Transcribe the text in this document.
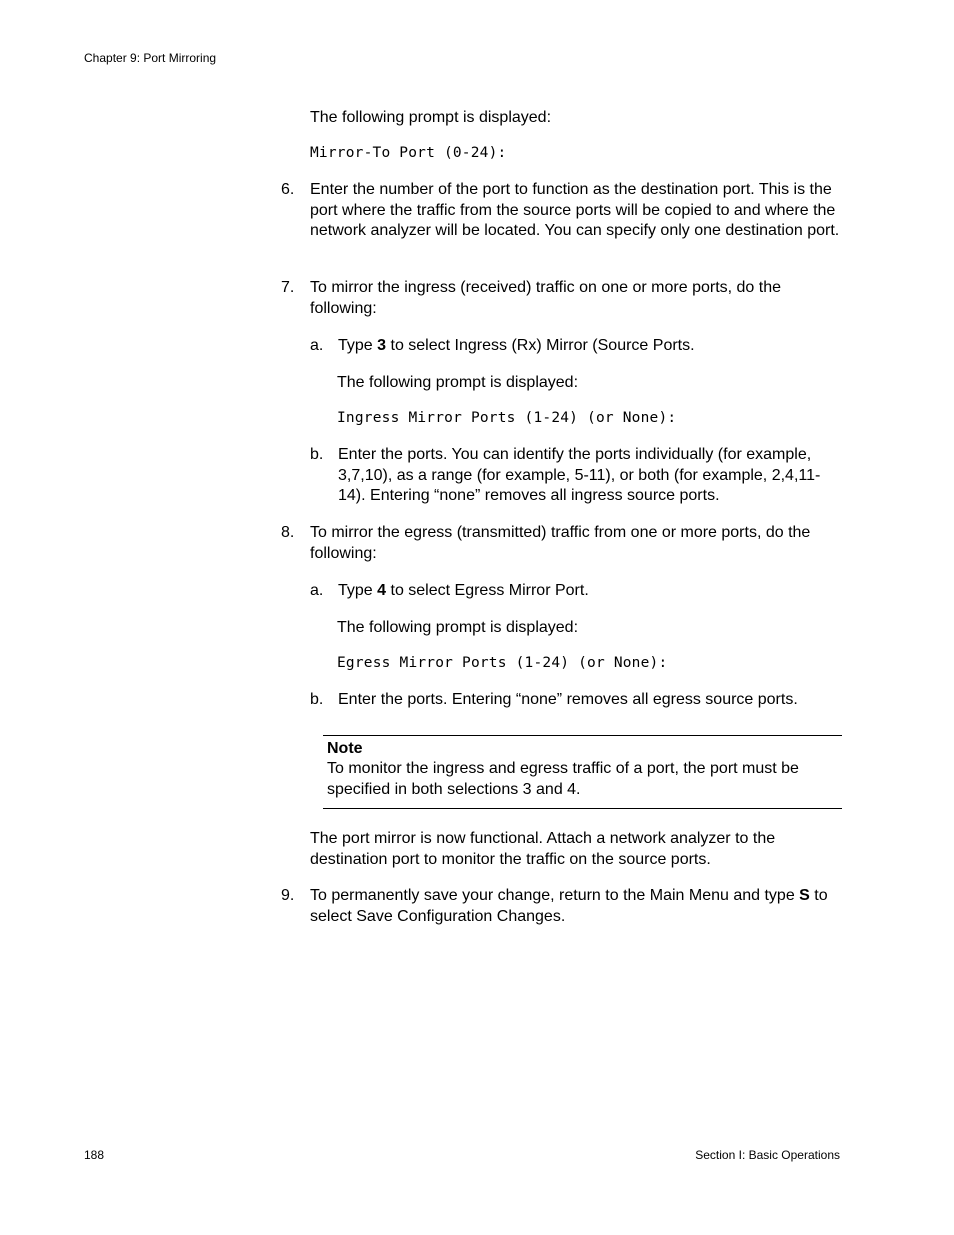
Chapter 9: Port Mirroring
The following prompt is displayed:
Mirror-To Port (0-24):
6. Enter the number of the port to function as the destination port. This is the port where the traffic from the source ports will be copied to and where the network analyzer will be located. You can specify only one destination port.
7. To mirror the ingress (received) traffic on one or more ports, do the following:
a. Type 3 to select Ingress (Rx) Mirror (Source Ports.
The following prompt is displayed:
Ingress Mirror Ports (1-24) (or None):
b. Enter the ports. You can identify the ports individually (for example, 3,7,10), as a range (for example, 5-11), or both (for example, 2,4,11-14). Entering “none” removes all ingress source ports.
8. To mirror the egress (transmitted) traffic from one or more ports, do the following:
a. Type 4 to select Egress Mirror Port.
The following prompt is displayed:
Egress Mirror Ports (1-24) (or None):
b. Enter the ports. Entering “none” removes all egress source ports.
Note
To monitor the ingress and egress traffic of a port, the port must be specified in both selections 3 and 4.
The port mirror is now functional. Attach a network analyzer to the destination port to monitor the traffic on the source ports.
9. To permanently save your change, return to the Main Menu and type S to select Save Configuration Changes.
188	Section I: Basic Operations
